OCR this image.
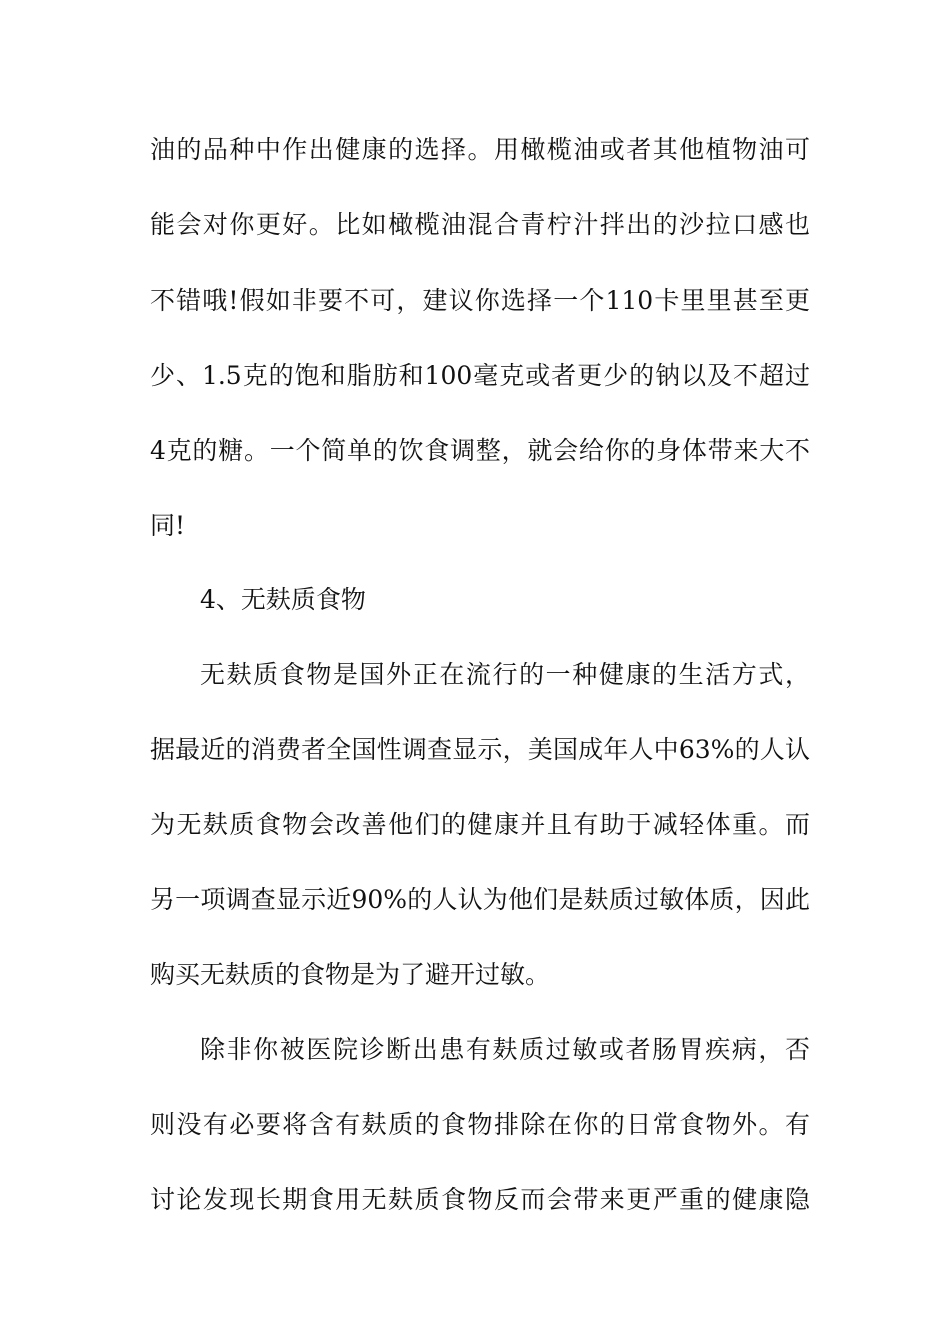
油的品种中作出健康的选择。用橄榄油或者其他植物油可
能会对你更好。比如橄榄油混合青柠汁拌出的沙拉口感也
不错哦!假如非要不可，建议你选择一个110卡里里甚至更
少、1.5克的饱和脂肪和100毫克或者更少的钠以及不超过
4克的糖。一个简单的饮食调整，就会给你的身体带来大不
同!
4、无麸质食物
无麸质食物是国外正在流行的一种健康的生活方式，
据最近的消费者全国性调查显示，美国成年人中63%的人认
为无麸质食物会改善他们的健康并且有助于减轻体重。而
另一项调查显示近90%的人认为他们是麸质过敏体质，因此
购买无麸质的食物是为了避开过敏。
除非你被医院诊断出患有麸质过敏或者肠胃疾病，否
则没有必要将含有麸质的食物排除在你的日常食物外。有
讨论发现长期食用无麸质食物反而会带来更严重的健康隐
